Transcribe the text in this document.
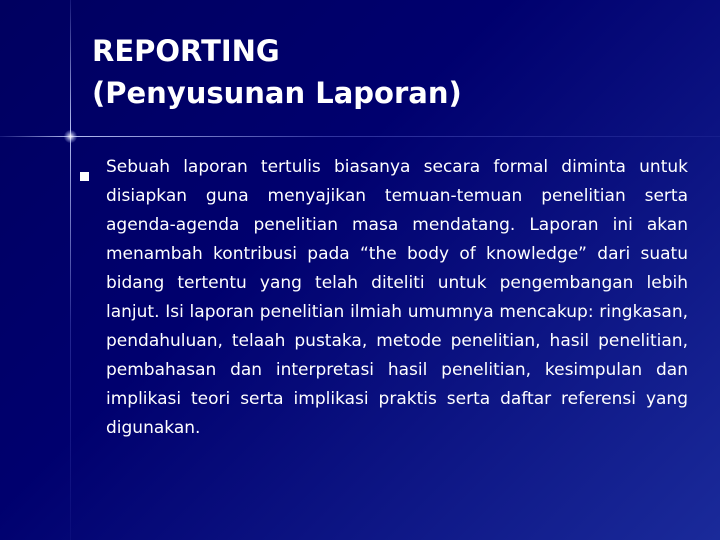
REPORTING
(Penyusunan Laporan)
Sebuah laporan tertulis biasanya secara formal diminta untuk disiapkan guna menyajikan temuan-temuan penelitian serta agenda-agenda penelitian masa mendatang. Laporan ini akan menambah kontribusi pada “the body of knowledge” dari suatu bidang tertentu yang telah diteliti untuk pengembangan lebih lanjut. Isi laporan penelitian ilmiah umumnya mencakup: ringkasan, pendahuluan, telaah pustaka, metode penelitian, hasil penelitian, pembahasan dan interpretasi hasil penelitian, kesimpulan dan implikasi teori serta implikasi praktis serta daftar referensi yang digunakan.
